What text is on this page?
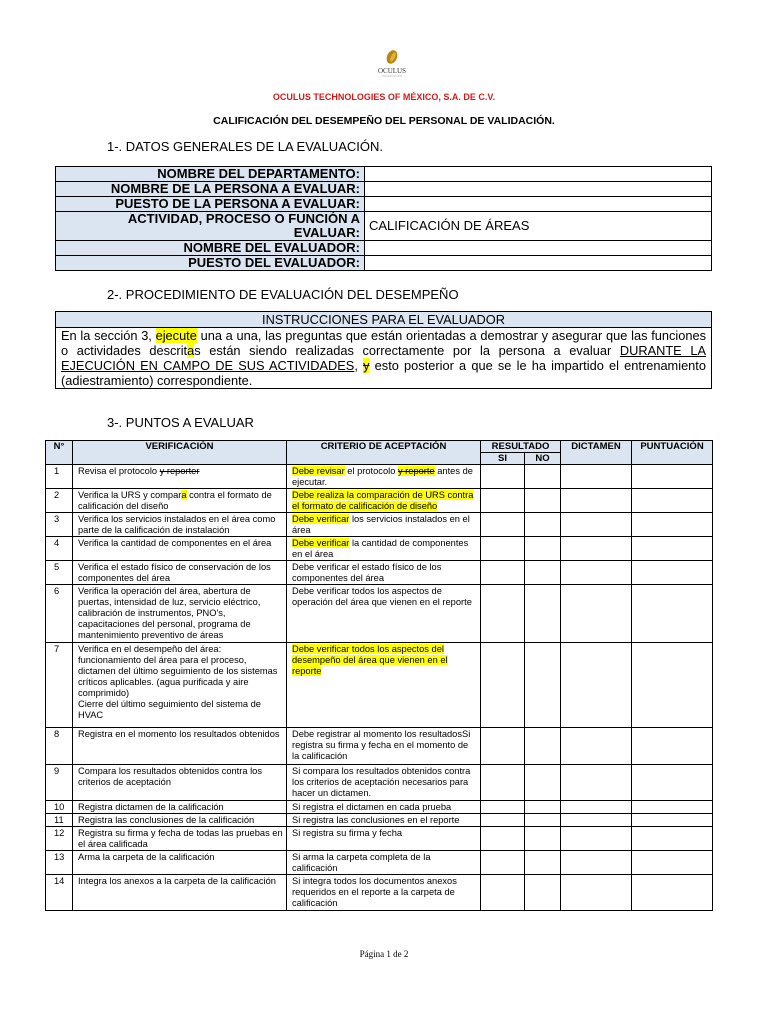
OCULUS
OCULUS TECHNOLOGIES OF MÉXICO, S.A. DE C.V.
CALIFICACIÓN DEL DESEMPEÑO DEL PERSONAL DE VALIDACIÓN.
1-. DATOS GENERALES DE LA EVALUACIÓN.
NOMBRE DEL DEPARTAMENTO:	
NOMBRE DE LA PERSONA A EVALUAR:	
PUESTO DE LA PERSONA A EVALUAR:	
ACTIVIDAD, PROCESO O FUNCIÓN A EVALUAR:	CALIFICACIÓN DE ÁREAS
NOMBRE DEL EVALUADOR:	
PUESTO DEL EVALUADOR:	
2-. PROCEDIMIENTO DE EVALUACIÓN DEL DESEMPEÑO
INSTRUCCIONES PARA EL EVALUADOR
En la sección 3, ejecute una a una, las preguntas que están orientadas a demostrar y asegurar que las funciones o actividades descritas están siendo realizadas correctamente por la persona a evaluar DURANTE LA EJECUCIÓN EN CAMPO DE SUS ACTIVIDADES, y esto posterior a que se le ha impartido el entrenamiento (adiestramiento) correspondiente.
3-. PUNTOS A EVALUAR
N°	VERIFICACIÓN	CRITERIO DE ACEPTACIÓN	RESULTADO		DICTAMEN	PUNTUACIÓN
			SI	NO		
1	Revisa el protocolo y reporter	Debe revisar el protocolo y reporte antes de ejecutar.				
2	Verifica la URS y compara contra el formato de calificación del diseño	Debe realiza la comparación de URS contra el formato de calificación de diseño				
3	Verifica los servicios instalados en el área como parte de la calificación de instalación	Debe verificar los servicios instalados en el área				
4	Verifica la cantidad de componentes en el área	Debe verificar la cantidad de componentes en el área				
5	Verifica el estado físico de conservación de los componentes del área	Debe verificar el estado físico de los componentes del área				
6	Verifica la operación del área, abertura de puertas, intensidad de luz, servicio eléctrico, calibración de instrumentos, PNO's, capacitaciones del personal, programa de mantenimiento preventivo de áreas	Debe verificar todos los aspectos de operación del área que vienen en el reporte				
7	Verifica en el desempeño del área: funcionamiento del área para el proceso, dictamen del último seguimiento de los sistemas críticos aplicables. (agua purificada y aire comprimido)
Cierre del último seguimiento del sistema de HVAC	Debe verificar todos los aspectos del desempeño del área que vienen en el reporte				
8	Registra en el momento los resultados obtenidos	Debe registrar al momento los resultadosSi registra su firma y fecha en el momento de la calificación				
9	Compara los resultados obtenidos contra los criterios de aceptación	Si compara los resultados obtenidos contra los criterios de aceptación necesarios para hacer un dictamen.				
10	Registra dictamen de la calificación	Si registra el dictamen en cada prueba				
11	Registra las conclusiones de la calificación	Si registra las conclusiones en el reporte				
12	Registra su firma y fecha de todas las pruebas en el área calificada	Si registra su firma y fecha				
13	Arma la carpeta de la calificación	Si arma la carpeta completa de la calificación				
14	Integra los anexos a la carpeta de la calificación	Si integra todos los documentos anexos requeridos en el reporte a la carpeta de calificación				
Página 1 de 2
